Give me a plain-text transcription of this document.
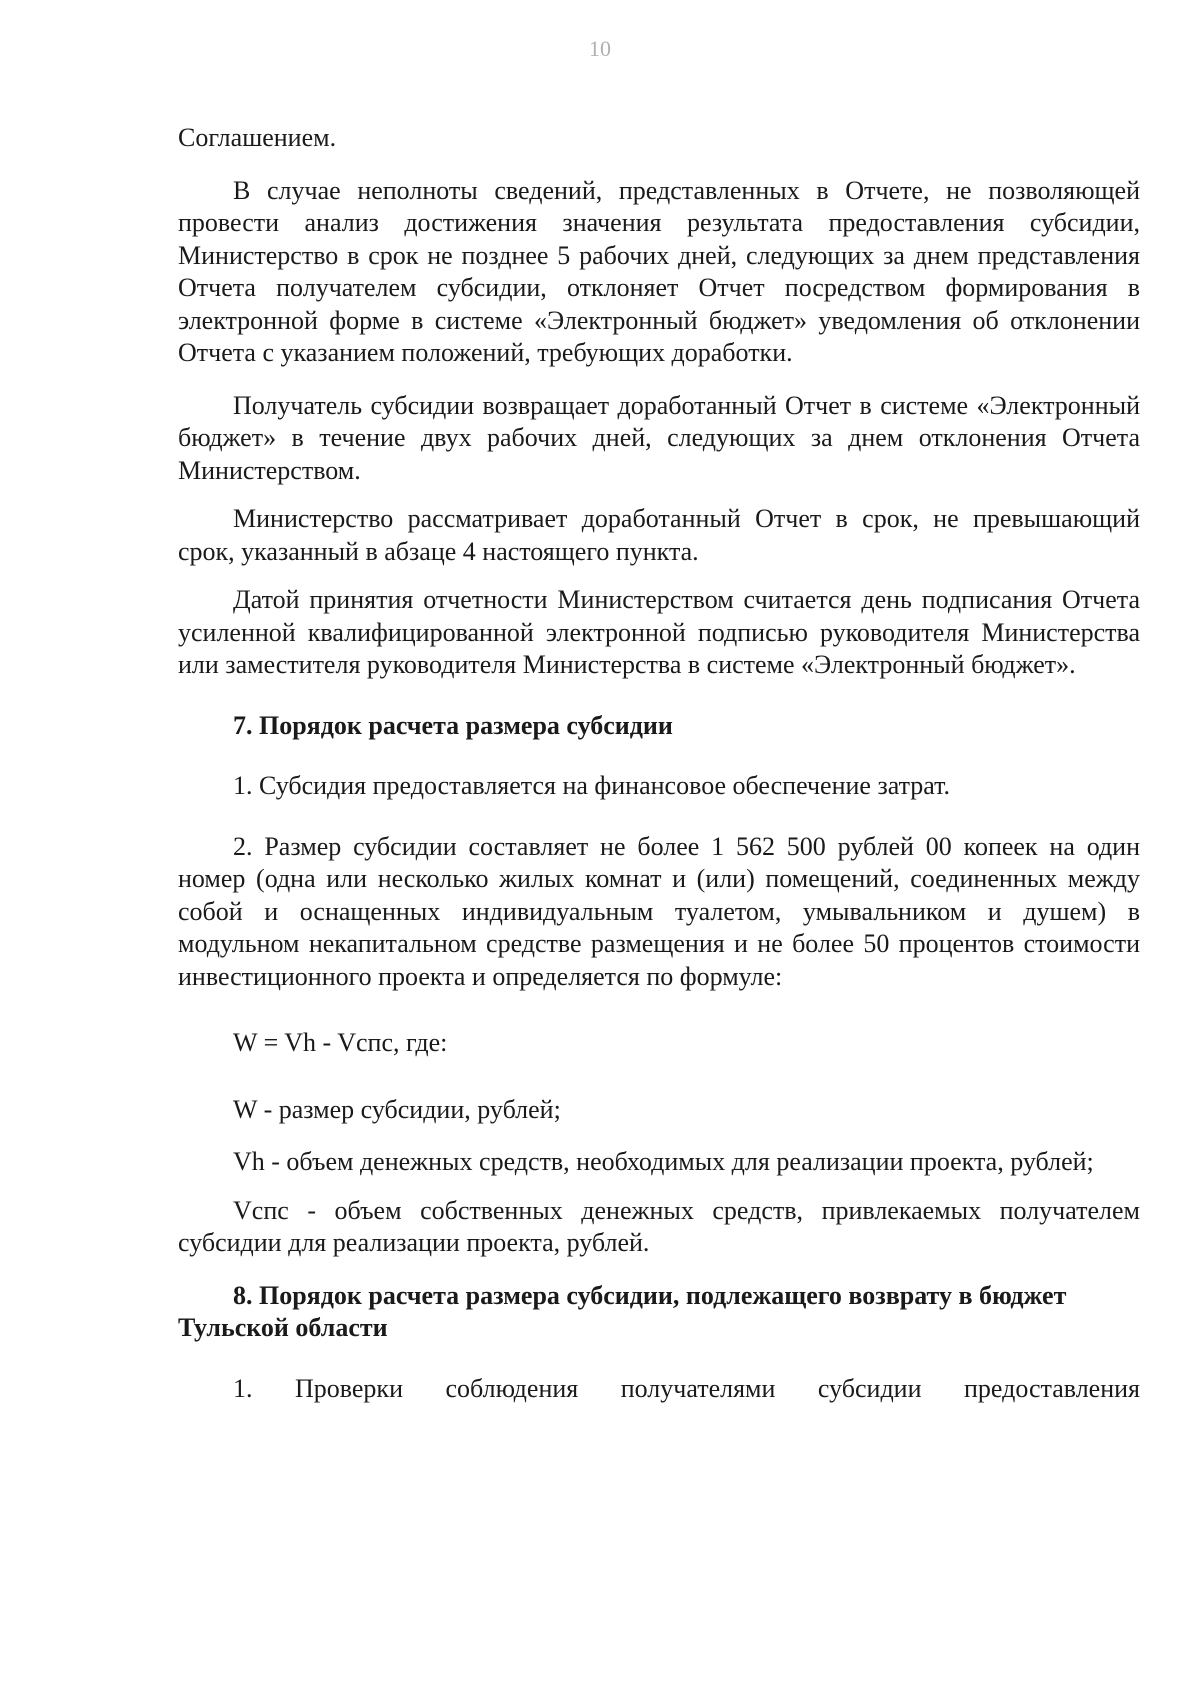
10

Соглашением.

В случае неполноты сведений, представленных в Отчете, не позволяющей провести анализ достижения значения результата предоставления субсидии, Министерство в срок не позднее 5 рабочих дней, следующих за днем представления Отчета получателем субсидии, отклоняет Отчет посредством формирования в электронной форме в системе «Электронный бюджет» уведомления об отклонении Отчета с указанием положений, требующих доработки.

Получатель субсидии возвращает доработанный Отчет в системе «Электронный бюджет» в течение двух рабочих дней, следующих за днем отклонения Отчета Министерством.

Министерство рассматривает доработанный Отчет в срок, не превышающий срок, указанный в абзаце 4 настоящего пункта.

Датой принятия отчетности Министерством считается день подписания Отчета усиленной квалифицированной электронной подписью руководителя Министерства или заместителя руководителя Министерства в системе «Электронный бюджет».

7. Порядок расчета размера субсидии

1. Субсидия предоставляется на финансовое обеспечение затрат.

2. Размер субсидии составляет не более 1 562 500 рублей 00 копеек на один номер (одна или несколько жилых комнат и (или) помещений, соединенных между собой и оснащенных индивидуальным туалетом, умывальником и душем) в модульном некапитальном средстве размещения и не более 50 процентов стоимости инвестиционного проекта и определяется по формуле:

W = Vh - Vспс, где:

W - размер субсидии, рублей;

Vh - объем денежных средств, необходимых для реализации проекта, рублей;

Vспс - объем собственных денежных средств, привлекаемых получателем субсидии для реализации проекта, рублей.

8. Порядок расчета размера субсидии, подлежащего возврату в бюджет Тульской области

1. Проверки соблюдения получателями субсидии предоставления
